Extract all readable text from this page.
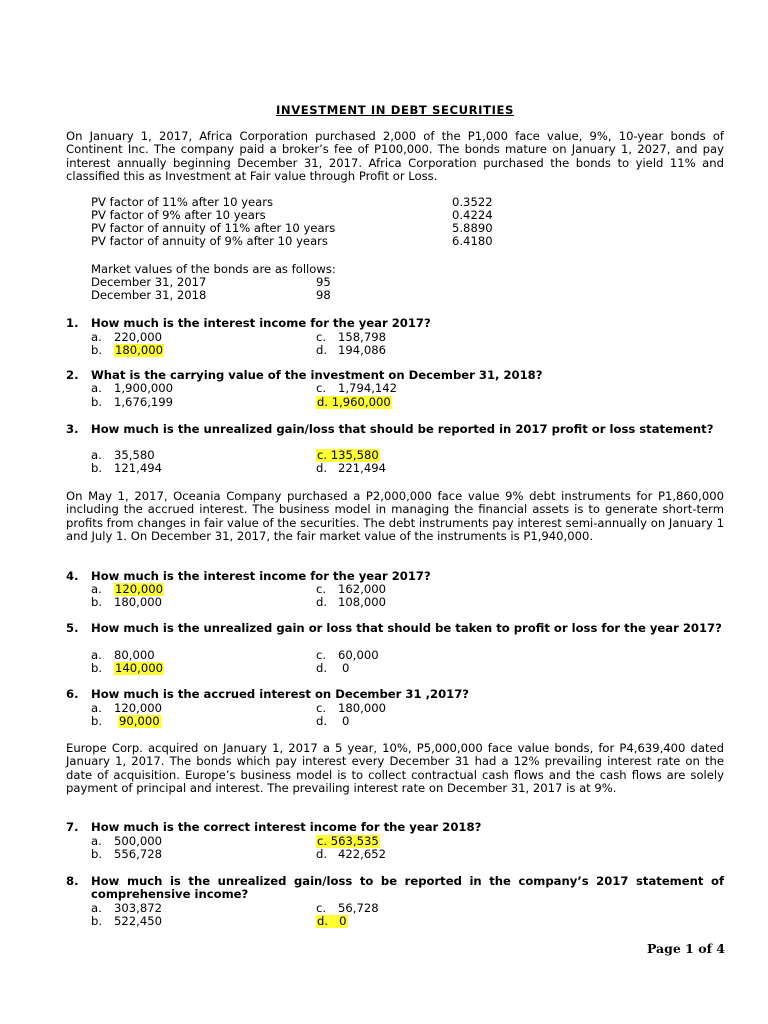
INVESTMENT IN DEBT SECURITIES
On January 1, 2017, Africa Corporation purchased 2,000 of the P1,000 face value, 9%, 10-year bonds of Continent Inc. The company paid a broker’s fee of P100,000. The bonds mature on January 1, 2027, and pay interest annually beginning December 31, 2017. Africa Corporation purchased the bonds to yield 11% and classified this as Investment at Fair value through Profit or Loss.
PV factor of 11% after 10 years	0.3522
PV factor of 9% after 10 years	0.4224
PV factor of annuity of 11% after 10 years	5.8890
PV factor of annuity of 9% after 10 years	6.4180
Market values of the bonds are as follows:
December 31, 2017	95
December 31, 2018	98
1. How much is the interest income for the year 2017?
a. 220,000	c. 158,798
b. 180,000	d. 194,086
2. What is the carrying value of the investment on December 31, 2018?
a. 1,900,000	c. 1,794,142
b. 1,676,199	d. 1,960,000
3. How much is the unrealized gain/loss that should be reported in 2017 profit or loss statement?
a. 35,580	c. 135,580
b. 121,494	d. 221,494
On May 1, 2017, Oceania Company purchased a P2,000,000 face value 9% debt instruments for P1,860,000 including the accrued interest. The business model in managing the financial assets is to generate short-term profits from changes in fair value of the securities. The debt instruments pay interest semi-annually on January 1 and July 1. On December 31, 2017, the fair market value of the instruments is P1,940,000.
4. How much is the interest income for the year 2017?
a. 120,000	c. 162,000
b. 180,000	d. 108,000
5. How much is the unrealized gain or loss that should be taken to profit or loss for the year 2017?
a. 80,000	c. 60,000
b. 140,000	d. 0
6. How much is the accrued interest on December 31 ,2017?
a. 120,000	c. 180,000
b. 90,000	d. 0
Europe Corp. acquired on January 1, 2017 a 5 year, 10%, P5,000,000 face value bonds, for P4,639,400 dated January 1, 2017. The bonds which pay interest every December 31 had a 12% prevailing interest rate on the date of acquisition. Europe’s business model is to collect contractual cash flows and the cash flows are solely payment of principal and interest. The prevailing interest rate on December 31, 2017 is at 9%.
7. How much is the correct interest income for the year 2018?
a. 500,000	c. 563,535
b. 556,728	d. 422,652
8. How much is the unrealized gain/loss to be reported in the company’s 2017 statement of comprehensive income?
a. 303,872	c. 56,728
b. 522,450	d. 0
Page 1 of 4
